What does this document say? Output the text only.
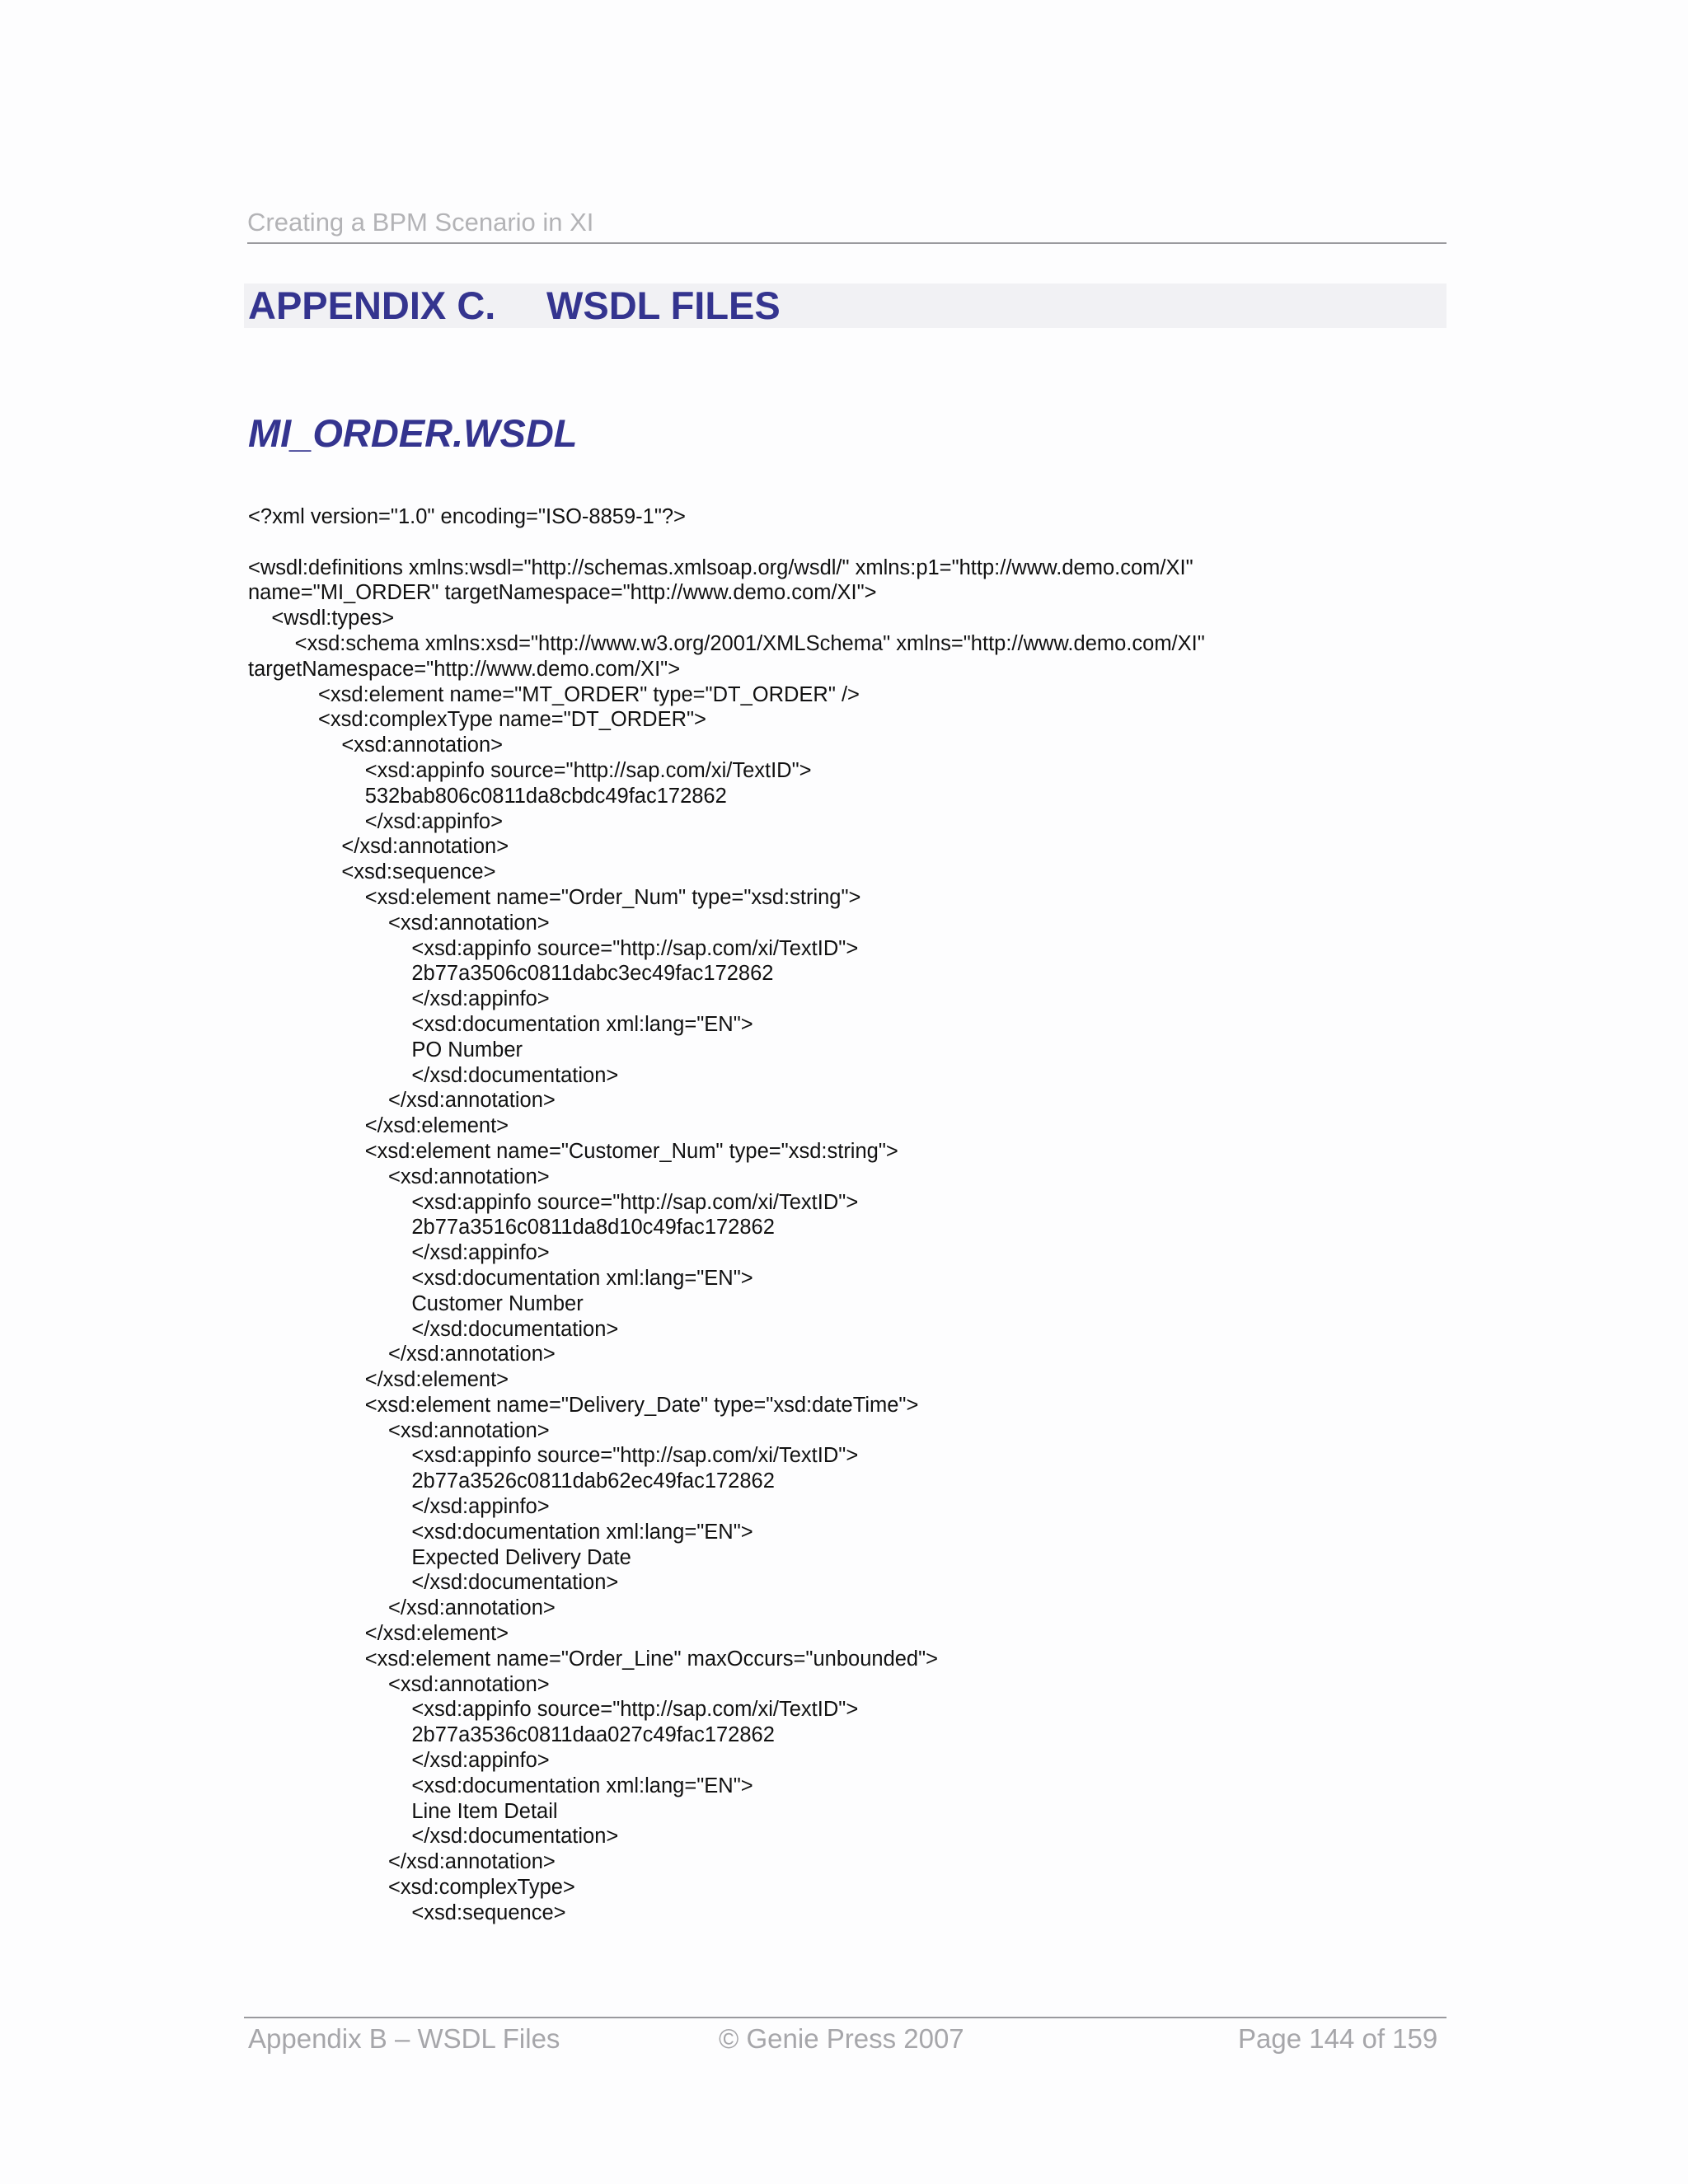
Creating a BPM Scenario in XI
APPENDIX C. WSDL FILES
MI_ORDER.WSDL
<?xml version="1.0" encoding="ISO-8859-1"?>
<wsdl:definitions xmlns:wsdl="http://schemas.xmlsoap.org/wsdl/" xmlns:p1="http://www.demo.com/XI"
name="MI_ORDER" targetNamespace="http://www.demo.com/XI">
<wsdl:types>
<xsd:schema xmlns:xsd="http://www.w3.org/2001/XMLSchema" xmlns="http://www.demo.com/XI"
targetNamespace="http://www.demo.com/XI">
<xsd:element name="MT_ORDER" type="DT_ORDER" />
<xsd:complexType name="DT_ORDER">
<xsd:annotation>
<xsd:appinfo source="http://sap.com/xi/TextID">
532bab806c0811da8cbdc49fac172862
</xsd:appinfo>
</xsd:annotation>
<xsd:sequence>
<xsd:element name="Order_Num" type="xsd:string">
<xsd:annotation>
<xsd:appinfo source="http://sap.com/xi/TextID">
2b77a3506c0811dabc3ec49fac172862
</xsd:appinfo>
<xsd:documentation xml:lang="EN">
PO Number
</xsd:documentation>
</xsd:annotation>
</xsd:element>
<xsd:element name="Customer_Num" type="xsd:string">
<xsd:annotation>
<xsd:appinfo source="http://sap.com/xi/TextID">
2b77a3516c0811da8d10c49fac172862
</xsd:appinfo>
<xsd:documentation xml:lang="EN">
Customer Number
</xsd:documentation>
</xsd:annotation>
</xsd:element>
<xsd:element name="Delivery_Date" type="xsd:dateTime">
<xsd:annotation>
<xsd:appinfo source="http://sap.com/xi/TextID">
2b77a3526c0811dab62ec49fac172862
</xsd:appinfo>
<xsd:documentation xml:lang="EN">
Expected Delivery Date
</xsd:documentation>
</xsd:annotation>
</xsd:element>
<xsd:element name="Order_Line" maxOccurs="unbounded">
<xsd:annotation>
<xsd:appinfo source="http://sap.com/xi/TextID">
2b77a3536c0811daa027c49fac172862
</xsd:appinfo>
<xsd:documentation xml:lang="EN">
Line Item Detail
</xsd:documentation>
</xsd:annotation>
<xsd:complexType>
<xsd:sequence>
Appendix B – WSDL Files	© Genie Press 2007	Page 144 of 159
